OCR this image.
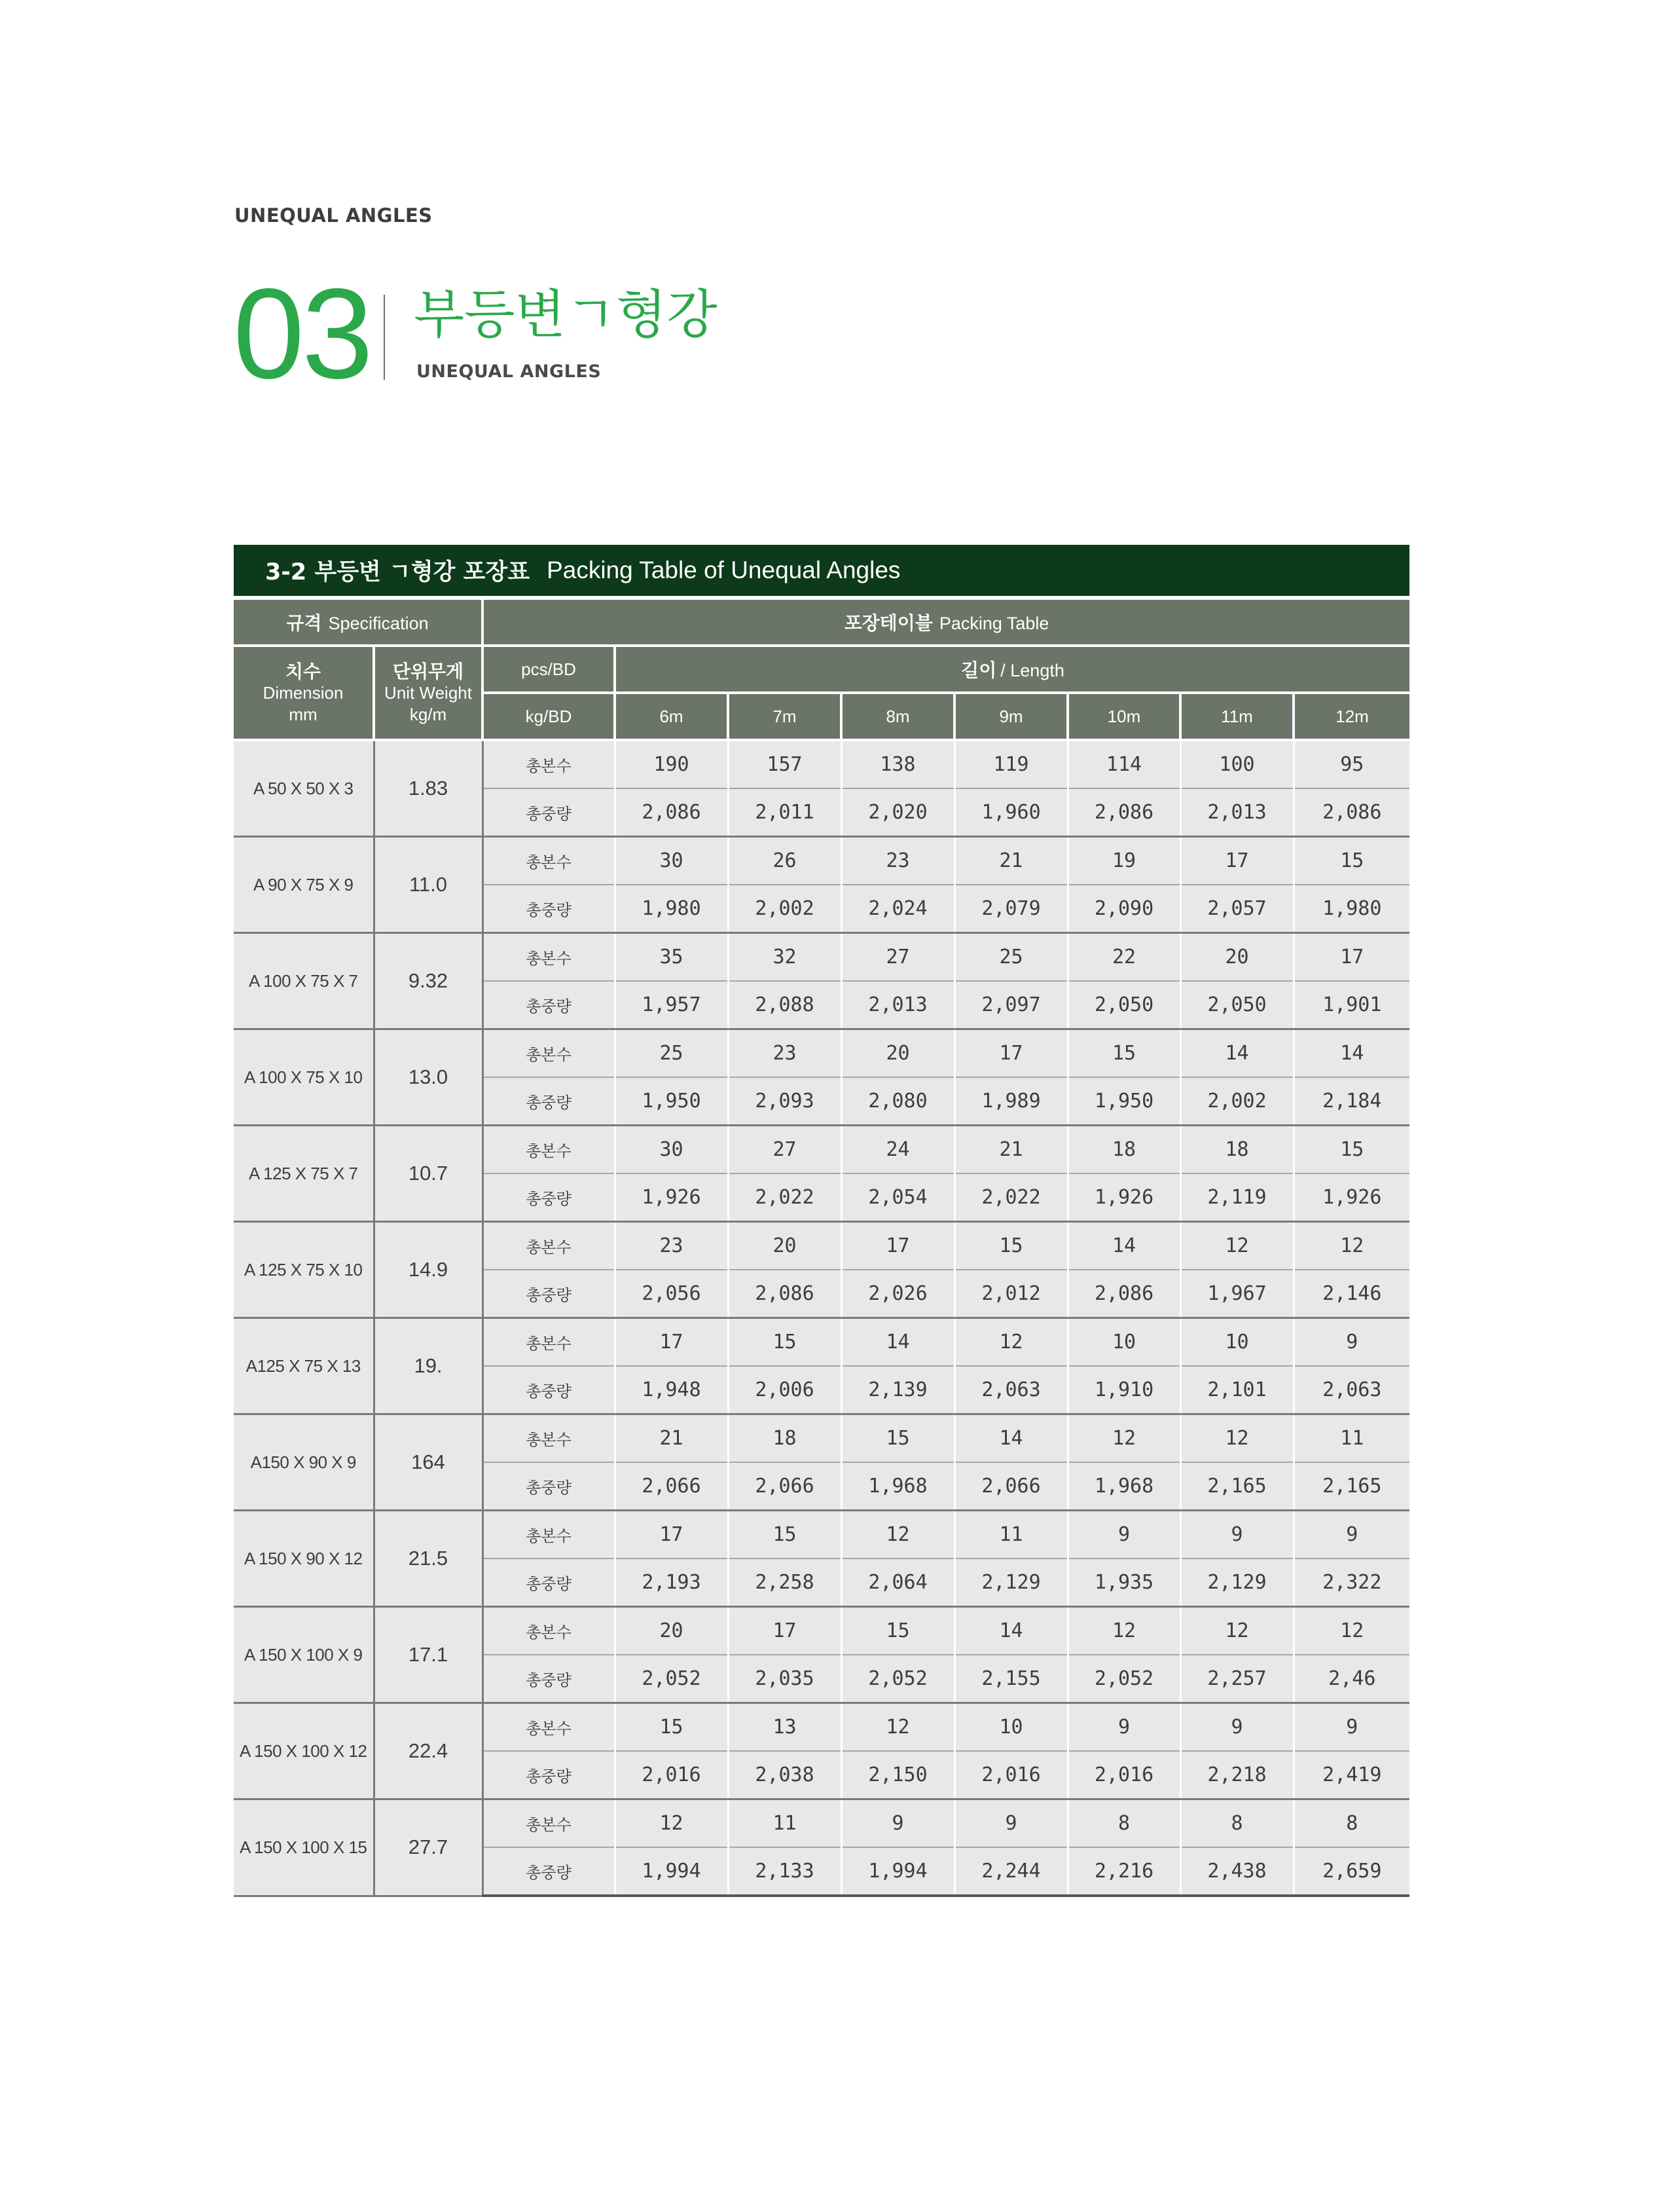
UNEQUAL ANGLES
03 부등변ㄱ형강
UNEQUAL ANGLES
3-2 부등변 ㄱ형강 포장표 Packing Table of Unequal Angles
규격 Specification		포장테이블 Packing Table							

치수
Dimension
mm	단위무게
Unit Weight
kg/m	pcs/BD	길이 / Length						

		kg/BD	6m	7m	8m	9m	10m	11m	12m

A 50 X 50 X 3	1.83	총본수	190	157	138	119	114	100	95
		총중량	2,086	2,011	2,020	1,960	2,086	2,013	2,086
A 90 X 75 X 9	11.0	총본수	30	26	23	21	19	17	15
		총중량	1,980	2,002	2,024	2,079	2,090	2,057	1,980
A 100 X 75 X 7	9.32	총본수	35	32	27	25	22	20	17
		총중량	1,957	2,088	2,013	2,097	2,050	2,050	1,901
A 100 X 75 X 10	13.0	총본수	25	23	20	17	15	14	14
		총중량	1,950	2,093	2,080	1,989	1,950	2,002	2,184
A 125 X 75 X 7	10.7	총본수	30	27	24	21	18	18	15
		총중량	1,926	2,022	2,054	2,022	1,926	2,119	1,926
A 125 X 75 X 10	14.9	총본수	23	20	17	15	14	12	12
		총중량	2,056	2,086	2,026	2,012	2,086	1,967	2,146
A125 X 75 X 13	19.	총본수	17	15	14	12	10	10	9
		총중량	1,948	2,006	2,139	2,063	1,910	2,101	2,063
A150 X 90 X 9	164	총본수	21	18	15	14	12	12	11
		총중량	2,066	2,066	1,968	2,066	1,968	2,165	2,165
A 150 X 90 X 12	21.5	총본수	17	15	12	11	9	9	9
		총중량	2,193	2,258	2,064	2,129	1,935	2,129	2,322
A 150 X 100 X 9	17.1	총본수	20	17	15	14	12	12	12
		총중량	2,052	2,035	2,052	2,155	2,052	2,257	2,46
A 150 X 100 X 12	22.4	총본수	15	13	12	10	9	9	9
		총중량	2,016	2,038	2,150	2,016	2,016	2,218	2,419
A 150 X 100 X 15	27.7	총본수	12	11	9	9	8	8	8
		총중량	1,994	2,133	1,994	2,244	2,216	2,438	2,659
